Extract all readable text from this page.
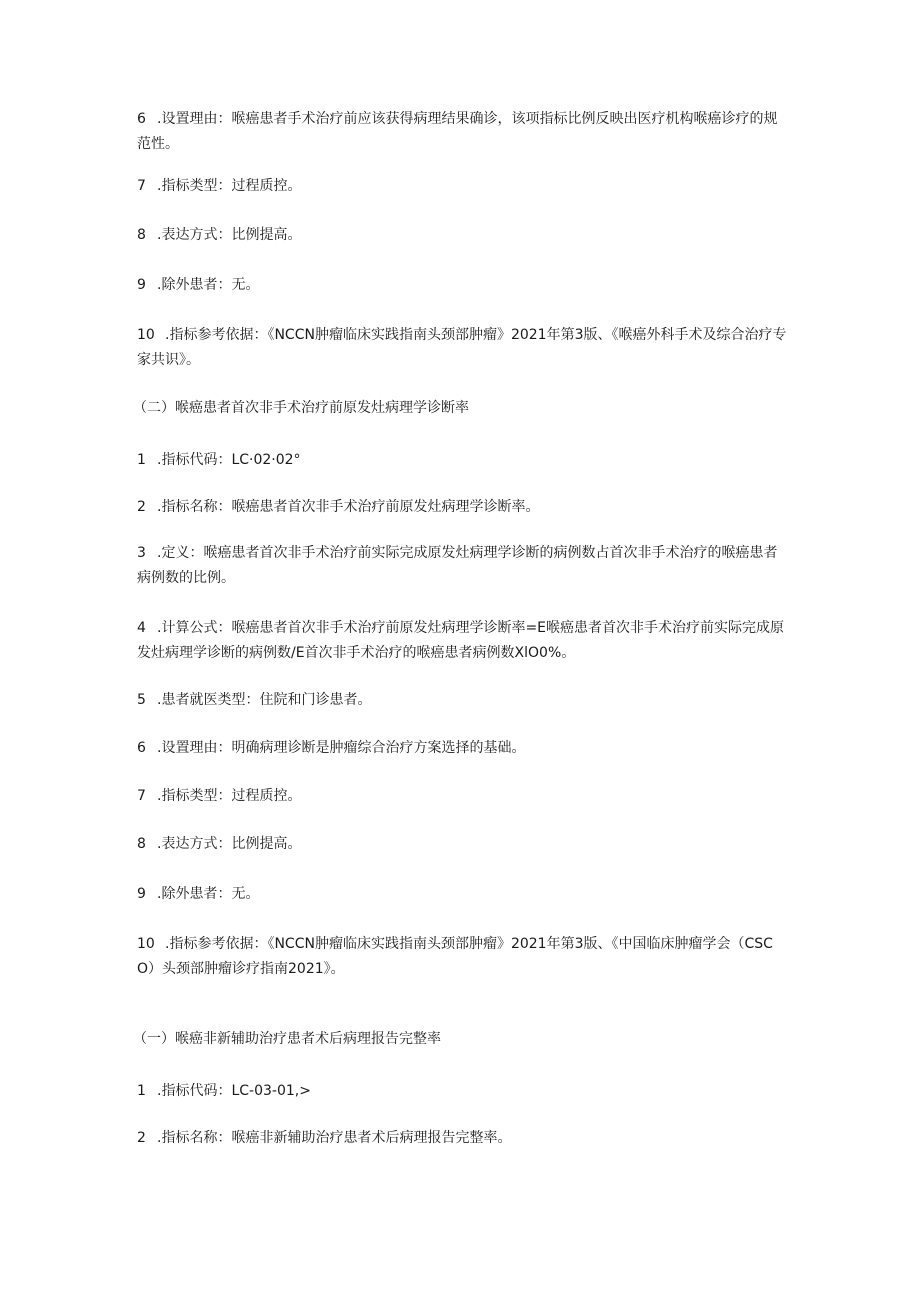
6 .设置理由：喉癌患者手术治疗前应该获得病理结果确诊，该项指标比例反映出医疗机构喉癌诊疗的规范性。

7 .指标类型：过程质控。

8 .表达方式：比例提高。

9 .除外患者：无。

10 .指标参考依据：《NCCN肿瘤临床实践指南头颈部肿瘤》2021年第3版、《喉癌外科手术及综合治疗专家共识》。

（二）喉癌患者首次非手术治疗前原发灶病理学诊断率

1 .指标代码：LC·02·02°

2 .指标名称：喉癌患者首次非手术治疗前原发灶病理学诊断率。

3 .定义：喉癌患者首次非手术治疗前实际完成原发灶病理学诊断的病例数占首次非手术治疗的喉癌患者病例数的比例。

4 .计算公式：喉癌患者首次非手术治疗前原发灶病理学诊断率=E喉癌患者首次非手术治疗前实际完成原发灶病理学诊断的病例数/E首次非手术治疗的喉癌患者病例数XlO0%。

5 .患者就医类型：住院和门诊患者。

6 .设置理由：明确病理诊断是肿瘤综合治疗方案选择的基础。

7 .指标类型：过程质控。

8 .表达方式：比例提高。

9 .除外患者：无。

10 .指标参考依据：《NCCN肿瘤临床实践指南头颈部肿瘤》2021年第3版、《中国临床肿瘤学会（CSCO）头颈部肿瘤诊疗指南2021》。

（一）喉癌非新辅助治疗患者术后病理报告完整率

1 .指标代码：LC-03-01,>

2 .指标名称：喉癌非新辅助治疗患者术后病理报告完整率。
